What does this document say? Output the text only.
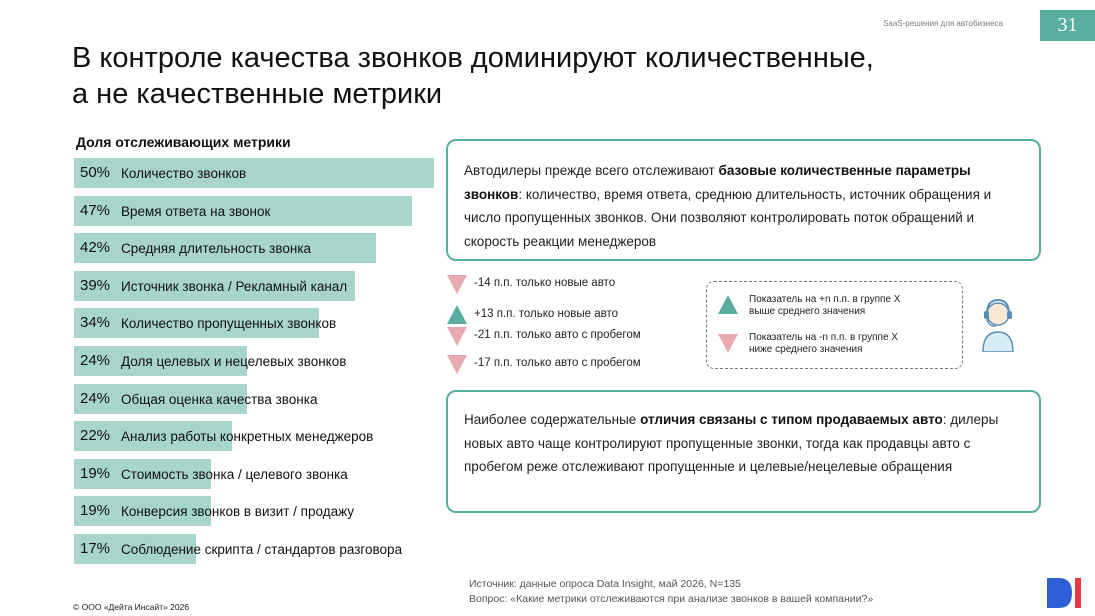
SaaS-решения для автобизнеса	31
В контроле качества звонков доминируют количественные,
а не качественные метрики
Доля отслеживающих метрики
50% Количество звонков
47% Время ответа на звонок
42% Средняя длительность звонка
39% Источник звонка / Рекламный канал
34% Количество пропущенных звонков
24% Доля целевых и нецелевых звонков
24% Общая оценка качества звонка
22% Анализ работы конкретных менеджеров
19% Стоимость звонка / целевого звонка
19% Конверсия звонков в визит / продажу
17% Соблюдение скрипта / стандартов разговора

Автодилеры прежде всего отслеживают базовые количественные параметры звонков: количество, время ответа, среднюю длительность, источник обращения и число пропущенных звонков. Они позволяют контролировать поток обращений и скорость реакции менеджеров

-14 п.п. только новые авто
+13 п.п. только новые авто
-21 п.п. только авто с пробегом
-17 п.п. только авто с пробегом
Показатель на +n п.п. в группе X
выше среднего значения
Показатель на -n п.п. в группе X
ниже среднего значения

Наиболее содержательные отличия связаны с типом продаваемых авто: дилеры новых авто чаще контролируют пропущенные звонки, тогда как продавцы авто с пробегом реже отслеживают пропущенные и целевые/нецелевые обращения

Источник: данные опроса Data Insight, май 2026, N=135
Вопрос: «Какие метрики отслеживаются при анализе звонков в вашей компании?»
© ООО «Дейта Инсайт» 2026
